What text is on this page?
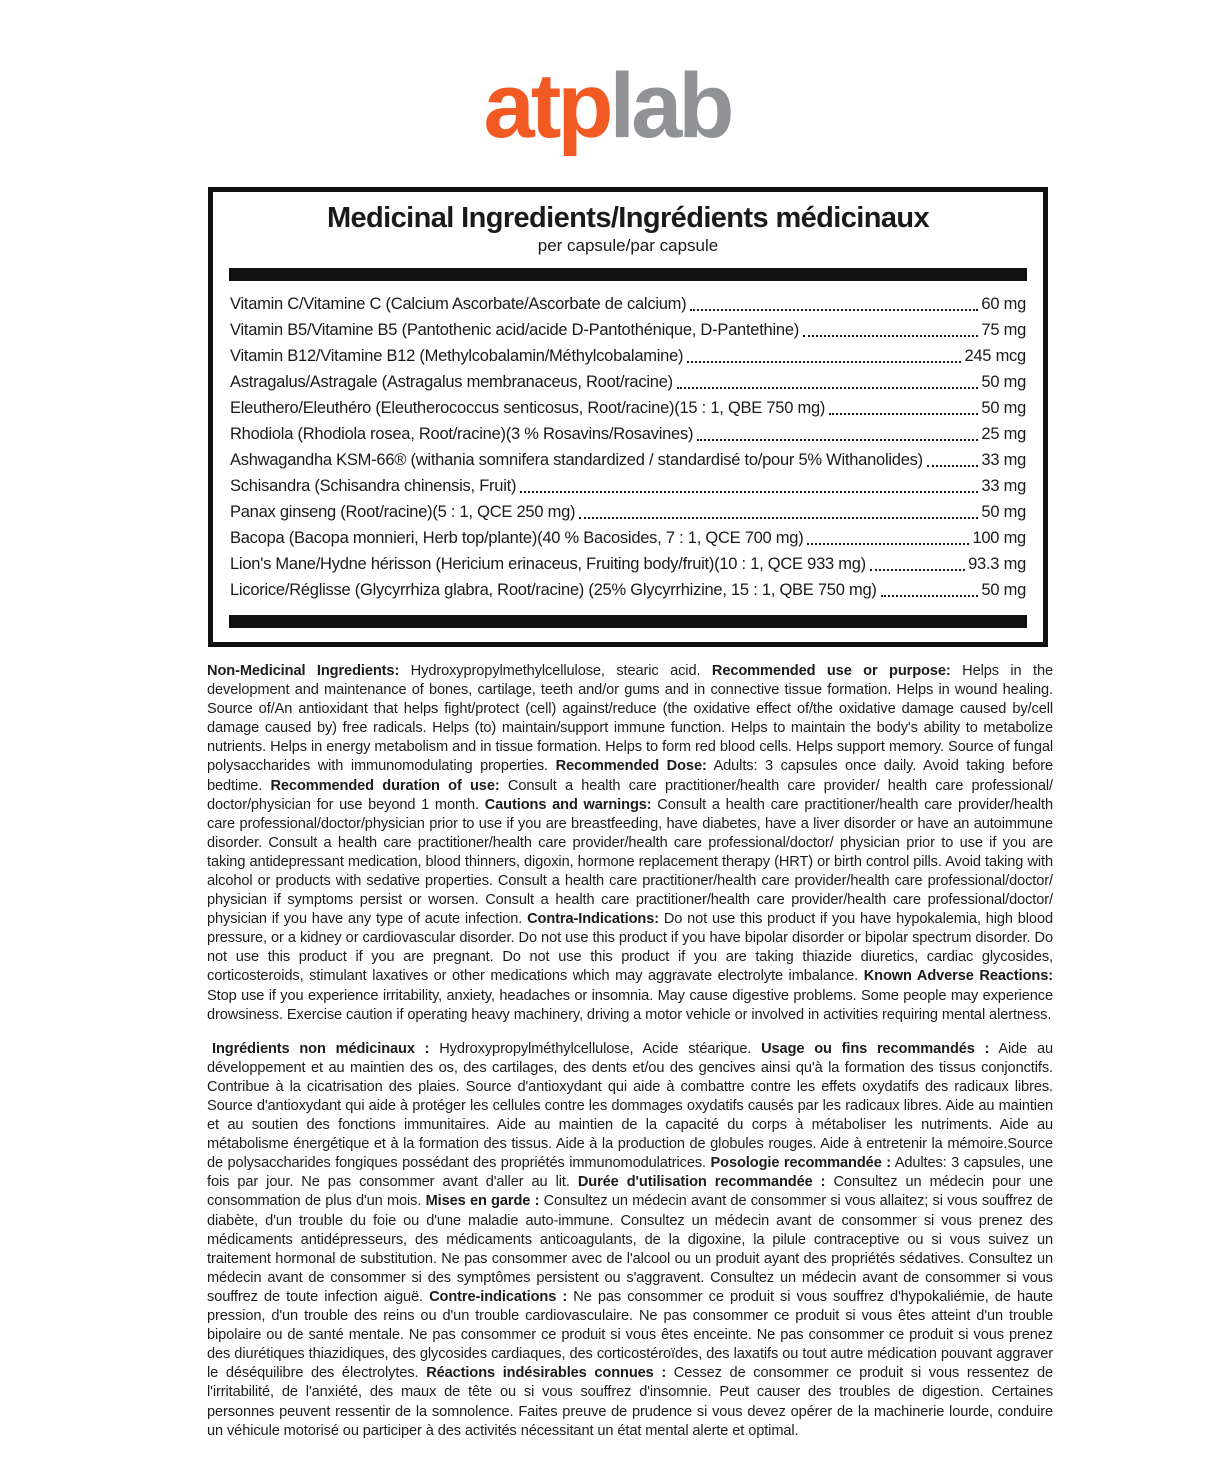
atplab
Medicinal Ingredients/Ingrédients médicinaux
per capsule/par capsule
Vitamin C/Vitamine C (Calcium Ascorbate/Ascorbate de calcium)	60 mg
Vitamin B5/Vitamine B5 (Pantothenic acid/acide D-Pantothénique, D-Pantethine)	75 mg
Vitamin B12/Vitamine B12 (Methylcobalamin/Méthylcobalamine)	245 mcg
Astragalus/Astragale (Astragalus membranaceus, Root/racine)	50 mg
Eleuthero/Eleuthéro (Eleutherococcus senticosus, Root/racine)(15 : 1, QBE 750 mg)	50 mg
Rhodiola (Rhodiola rosea, Root/racine)(3 % Rosavins/Rosavines)	25 mg
Ashwagandha KSM-66® (withania somnifera standardized / standardisé to/pour 5% Withanolides)	33 mg
Schisandra (Schisandra chinensis, Fruit)	33 mg
Panax ginseng (Root/racine)(5 : 1, QCE 250 mg)	50 mg
Bacopa (Bacopa monnieri, Herb top/plante)(40 % Bacosides, 7 : 1, QCE 700 mg)	100 mg
Lion's Mane/Hydne hérisson (Hericium erinaceus, Fruiting body/fruit)(10 : 1, QCE 933 mg)	93.3 mg
Licorice/Réglisse (Glycyrrhiza glabra, Root/racine) (25% Glycyrrhizine, 15 : 1, QBE 750 mg)	50 mg

Non-Medicinal Ingredients: Hydroxypropylmethylcellulose, stearic acid. Recommended use or purpose: Helps in the development and maintenance of bones, cartilage, teeth and/or gums and in connective tissue formation. Helps in wound healing. Source of/An antioxidant that helps fight/protect (cell) against/reduce (the oxidative effect of/the oxidative damage caused by/cell damage caused by) free radicals. Helps (to) maintain/support immune function. Helps to maintain the body's ability to metabolize nutrients. Helps in energy metabolism and in tissue formation. Helps to form red blood cells. Helps support memory. Source of fungal polysaccharides with immunomodulating properties. Recommended Dose: Adults: 3 capsules once daily. Avoid taking before bedtime. Recommended duration of use: Consult a health care practitioner/health care provider/ health care professional/ doctor/physician for use beyond 1 month. Cautions and warnings: Consult a health care practitioner/health care provider/health care professional/doctor/physician prior to use if you are breastfeeding, have diabetes, have a liver disorder or have an autoimmune disorder. Consult a health care practitioner/health care provider/health care professional/doctor/ physician prior to use if you are taking antidepressant medication, blood thinners, digoxin, hormone replacement therapy (HRT) or birth control pills. Avoid taking with alcohol or products with sedative properties. Consult a health care practitioner/health care provider/health care professional/doctor/ physician if symptoms persist or worsen. Consult a health care practitioner/health care provider/health care professional/doctor/ physician if you have any type of acute infection. Contra-Indications: Do not use this product if you have hypokalemia, high blood pressure, or a kidney or cardiovascular disorder. Do not use this product if you have bipolar disorder or bipolar spectrum disorder. Do not use this product if you are pregnant. Do not use this product if you are taking thiazide diuretics, cardiac glycosides, corticosteroids, stimulant laxatives or other medications which may aggravate electrolyte imbalance. Known Adverse Reactions: Stop use if you experience irritability, anxiety, headaches or insomnia. May cause digestive problems. Some people may experience drowsiness. Exercise caution if operating heavy machinery, driving a motor vehicle or involved in activities requiring mental alertness.

Ingrédients non médicinaux : Hydroxypropylméthylcellulose, Acide stéarique. Usage ou fins recommandés : Aide au développement et au maintien des os, des cartilages, des dents et/ou des gencives ainsi qu'à la formation des tissus conjonctifs. Contribue à la cicatrisation des plaies. Source d'antioxydant qui aide à combattre contre les effets oxydatifs des radicaux libres. Source d'antioxydant qui aide à protéger les cellules contre les dommages oxydatifs causés par les radicaux libres. Aide au maintien et au soutien des fonctions immunitaires. Aide au maintien de la capacité du corps à métaboliser les nutriments. Aide au métabolisme énergétique et à la formation des tissus. Aide à la production de globules rouges. Aide à entretenir la mémoire.Source de polysaccharides fongiques possédant des propriétés immunomodulatrices. Posologie recommandée : Adultes: 3 capsules, une fois par jour. Ne pas consommer avant d'aller au lit. Durée d'utilisation recommandée : Consultez un médecin pour une consommation de plus d'un mois. Mises en garde : Consultez un médecin avant de consommer si vous allaitez; si vous souffrez de diabète, d'un trouble du foie ou d'une maladie auto-immune. Consultez un médecin avant de consommer si vous prenez des médicaments antidépresseurs, des médicaments anticoagulants, de la digoxine, la pilule contraceptive ou si vous suivez un traitement hormonal de substitution. Ne pas consommer avec de l'alcool ou un produit ayant des propriétés sédatives. Consultez un médecin avant de consommer si des symptômes persistent ou s'aggravent. Consultez un médecin avant de consommer si vous souffrez de toute infection aiguë. Contre-indications : Ne pas consommer ce produit si vous souffrez d'hypokaliémie, de haute pression, d'un trouble des reins ou d'un trouble cardiovasculaire. Ne pas consommer ce produit si vous êtes atteint d'un trouble bipolaire ou de santé mentale. Ne pas consommer ce produit si vous êtes enceinte. Ne pas consommer ce produit si vous prenez des diurétiques thiazidiques, des glycosides cardiaques, des corticostéroïdes, des laxatifs ou tout autre médication pouvant aggraver le déséquilibre des électrolytes. Réactions indésirables connues : Cessez de consommer ce produit si vous ressentez de l'irritabilité, de l'anxiété, des maux de tête ou si vous souffrez d'insomnie. Peut causer des troubles de digestion. Certaines personnes peuvent ressentir de la somnolence. Faites preuve de prudence si vous devez opérer de la machinerie lourde, conduire un véhicule motorisé ou participer à des activités nécessitant un état mental alerte et optimal.
